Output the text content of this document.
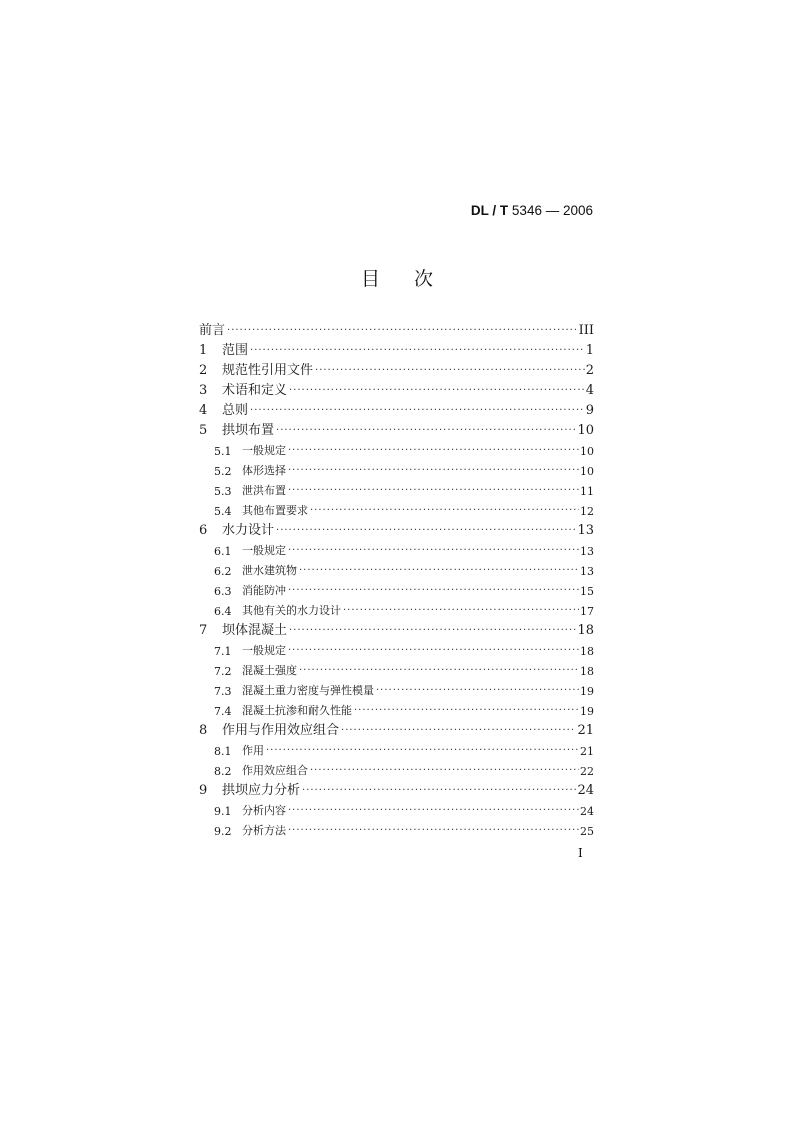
DL / T 5346 — 2006
目次
前言 ·····	III
1	范围 ·····	1
2	规范性引用文件 ·····	2
3	术语和定义 ·····	4
4	总则 ·····	9
5	拱坝布置 ·····	10
5.1 一般规定 ·····	10
5.2 体形选择 ·····	10
5.3 泄洪布置 ·····	11
5.4 其他布置要求 ·····	12
6	水力设计 ·····	13
6.1 一般规定 ·····	13
6.2 泄水建筑物 ·····	13
6.3 消能防冲 ·····	15
6.4 其他有关的水力设计 ·····	17
7	坝体混凝土 ·····	18
7.1 一般规定 ·····	18
7.2 混凝土强度 ·····	18
7.3 混凝土重力密度与弹性模量 ·····	19
7.4 混凝土抗渗和耐久性能 ·····	19
8	作用与作用效应组合 ·····	21
8.1 作用 ·····	21
8.2 作用效应组合 ·····	22
9	拱坝应力分析 ·····	24
9.1 分析内容 ·····	24
9.2 分析方法 ·····	25
I
